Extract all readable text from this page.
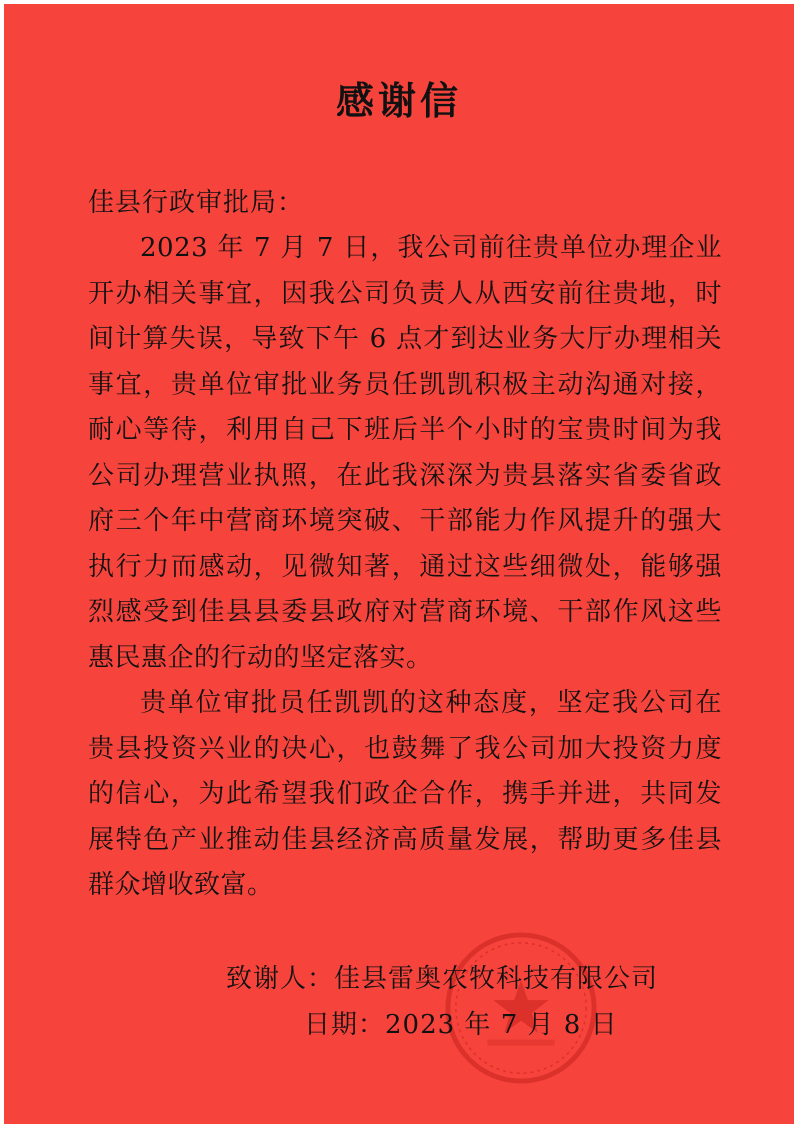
感谢信
佳县行政审批局：

2023 年 7 月 7 日，我公司前往贵单位办理企业开办相关事宜，因我公司负责人从西安前往贵地，时间计算失误，导致下午 6 点才到达业务大厅办理相关事宜，贵单位审批业务员任凯凯积极主动沟通对接，耐心等待，利用自己下班后半个小时的宝贵时间为我公司办理营业执照，在此我深深为贵县落实省委省政府三个年中营商环境突破、干部能力作风提升的强大执行力而感动，见微知著，通过这些细微处，能够强烈感受到佳县县委县政府对营商环境、干部作风这些惠民惠企的行动的坚定落实。

贵单位审批员任凯凯的这种态度，坚定我公司在贵县投资兴业的决心，也鼓舞了我公司加大投资力度的信心，为此希望我们政企合作，携手并进，共同发展特色产业推动佳县经济高质量发展，帮助更多佳县群众增收致富。

致谢人：佳县雷奥农牧科技有限公司
日期：2023 年 7 月 8 日
